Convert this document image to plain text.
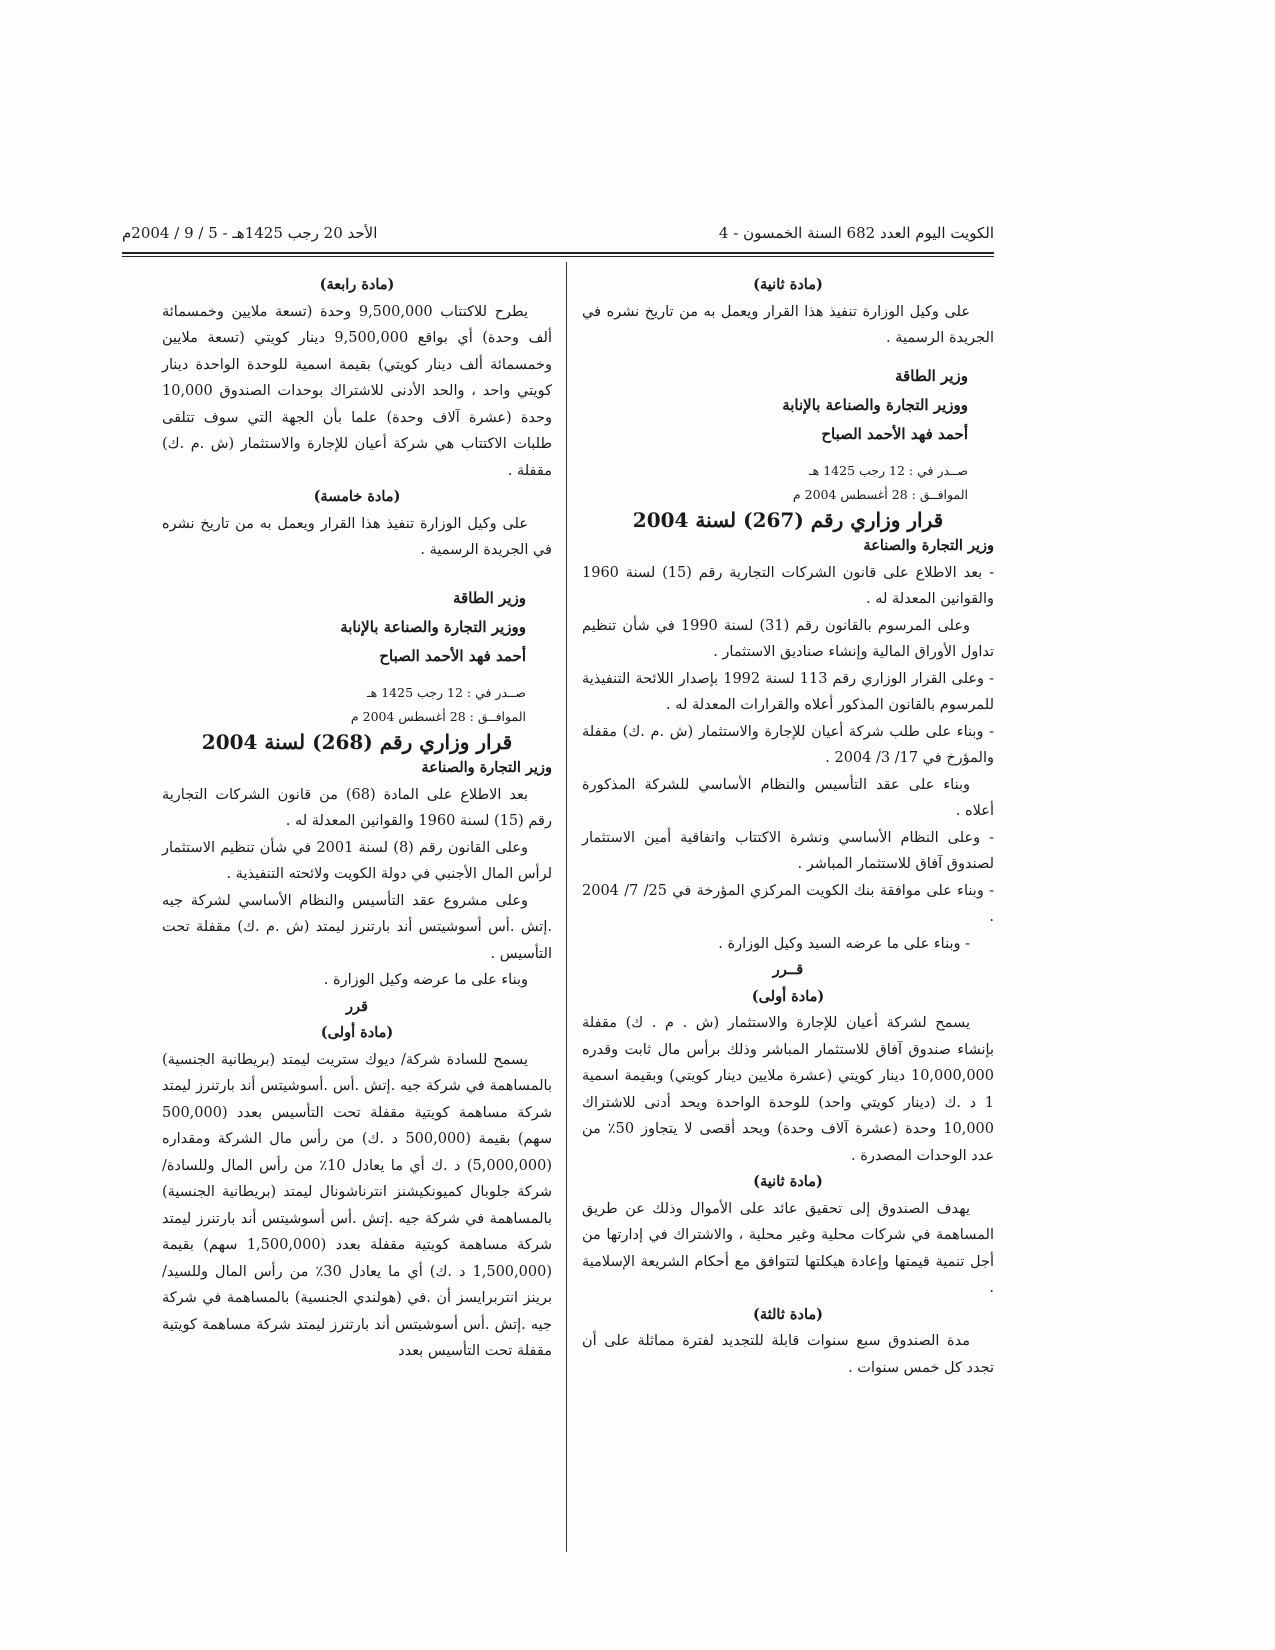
الكويت اليوم العدد 682 السنة الخمسون - 4
الأحد 20 رجب 1425هـ - 5 / 9 / 2004م

(مادة ثانية)

على وكيل الوزارة تنفيذ هذا القرار ويعمل به من تاريخ نشره في الجريدة الرسمية .

وزير الطاقة

ووزير التجارة والصناعة بالإنابة

أحمد فهد الأحمد الصباح

صــدر في : 12 رجب 1425 هـ

الموافــق : 28 أغسطس 2004 م

قرار وزاري رقم (267) لسنة 2004

وزير التجارة والصناعة

- بعد الاطلاع على قانون الشركات التجارية رقم (15) لسنة 1960 والقوانين المعدلة له .

وعلى المرسوم بالقانون رقم (31) لسنة 1990 في شأن تنظيم تداول الأوراق المالية وإنشاء صناديق الاستثمار .

- وعلى القرار الوزاري رقم 113 لسنة 1992 بإصدار اللائحة التنفيذية للمرسوم بالقانون المذكور أعلاه والقرارات المعدلة له .

- وبناء على طلب شركة أعيان للإجارة والاستثمار (ش .م .ك) مقفلة والمؤرخ في 17/ 3/ 2004 .

وبناء على عقد التأسيس والنظام الأساسي للشركة المذكورة أعلاه .

- وعلى النظام الأساسي ونشرة الاكتتاب واتفاقية أمين الاستثمار لصندوق آفاق للاستثمار المباشر .

- وبناء على موافقة بنك الكويت المركزي المؤرخة في 25/ 7/ 2004 .

- وبناء على ما عرضه السيد وكيل الوزارة .

قــرر

(مادة أولى)

يسمح لشركة أعيان للإجارة والاستثمار (ش . م . ك) مقفلة بإنشاء صندوق آفاق للاستثمار المباشر وذلك برأس مال ثابت وقدره 10,000,000 دينار كويتي (عشرة ملايين دينار كويتي) وبقيمة اسمية 1 د .ك (دينار كويتي واحد) للوحدة الواحدة ويحد أدنى للاشتراك 10,000 وحدة (عشرة آلاف وحدة) ويحد أقصى لا يتجاوز 50٪ من عدد الوحدات المصدرة .

(مادة ثانية)

يهدف الصندوق إلى تحقيق عائد على الأموال وذلك عن طريق المساهمة في شركات محلية وغير محلية ، والاشتراك في إدارتها من أجل تنمية قيمتها وإعادة هيكلتها لتتوافق مع أحكام الشريعة الإسلامية .

(مادة ثالثة)

مدة الصندوق سبع سنوات قابلة للتجديد لفترة مماثلة على أن تجدد كل خمس سنوات .

(مادة رابعة)

يطرح للاكتتاب 9,500,000 وحدة (تسعة ملايين وخمسمائة ألف وحدة) أي بواقع 9,500,000 دينار كويتي (تسعة ملايين وخمسمائة ألف دينار كويتي) بقيمة اسمية للوحدة الواحدة دينار كويتي واحد ، والحد الأدنى للاشتراك بوحدات الصندوق 10,000 وحدة (عشرة آلاف وحدة) علما بأن الجهة التي سوف تتلقى طلبات الاكتتاب هي شركة أعيان للإجارة والاستثمار (ش .م .ك) مقفلة .

(مادة خامسة)

على وكيل الوزارة تنفيذ هذا القرار ويعمل به من تاريخ نشره في الجريدة الرسمية .

وزير الطاقة

ووزير التجارة والصناعة بالإنابة

أحمد فهد الأحمد الصباح

صــدر في : 12 رجب 1425 هـ

الموافــق : 28 أغسطس 2004 م

قرار وزاري رقم (268) لسنة 2004

وزير التجارة والصناعة

بعد الاطلاع على المادة (68) من قانون الشركات التجارية رقم (15) لسنة 1960 والقوانين المعدلة له .

وعلى القانون رقم (8) لسنة 2001 في شأن تنظيم الاستثمار لرأس المال الأجنبي في دولة الكويت ولائحته التنفيذية .

وعلى مشروع عقد التأسيس والنظام الأساسي لشركة جيه .إتش .أس أسوشيتس أند بارتنرز ليمتد (ش .م .ك) مقفلة تحت التأسيس .

وبناء على ما عرضه وكيل الوزارة .

قرر

(مادة أولى)

يسمح للسادة شركة/ ديوك ستريت ليمتد (بريطانية الجنسية) بالمساهمة في شركة جيه .إتش .أس .أسوشيتس أند بارتنرز ليمتد شركة مساهمة كويتية مقفلة تحت التأسيس بعدد (500,000 سهم) بقيمة (500,000 د .ك) من رأس مال الشركة ومقداره (5,000,000) د .ك أي ما يعادل 10٪ من رأس المال وللسادة/ شركة جلوبال كميونكيشنز انترناشونال ليمتد (بريطانية الجنسية) بالمساهمة في شركة جيه .إتش .أس أسوشيتس أند بارتنرز ليمتد شركة مساهمة كويتية مقفلة بعدد (1,500,000 سهم) بقيمة (1,500,000 د .ك) أي ما يعادل 30٪ من رأس المال وللسيد/ برينز انتربرايسز أن .في (هولندي الجنسية) بالمساهمة في شركة جيه .إتش .أس أسوشيتس أند بارتنرز ليمتد شركة مساهمة كويتية مقفلة تحت التأسيس بعدد
